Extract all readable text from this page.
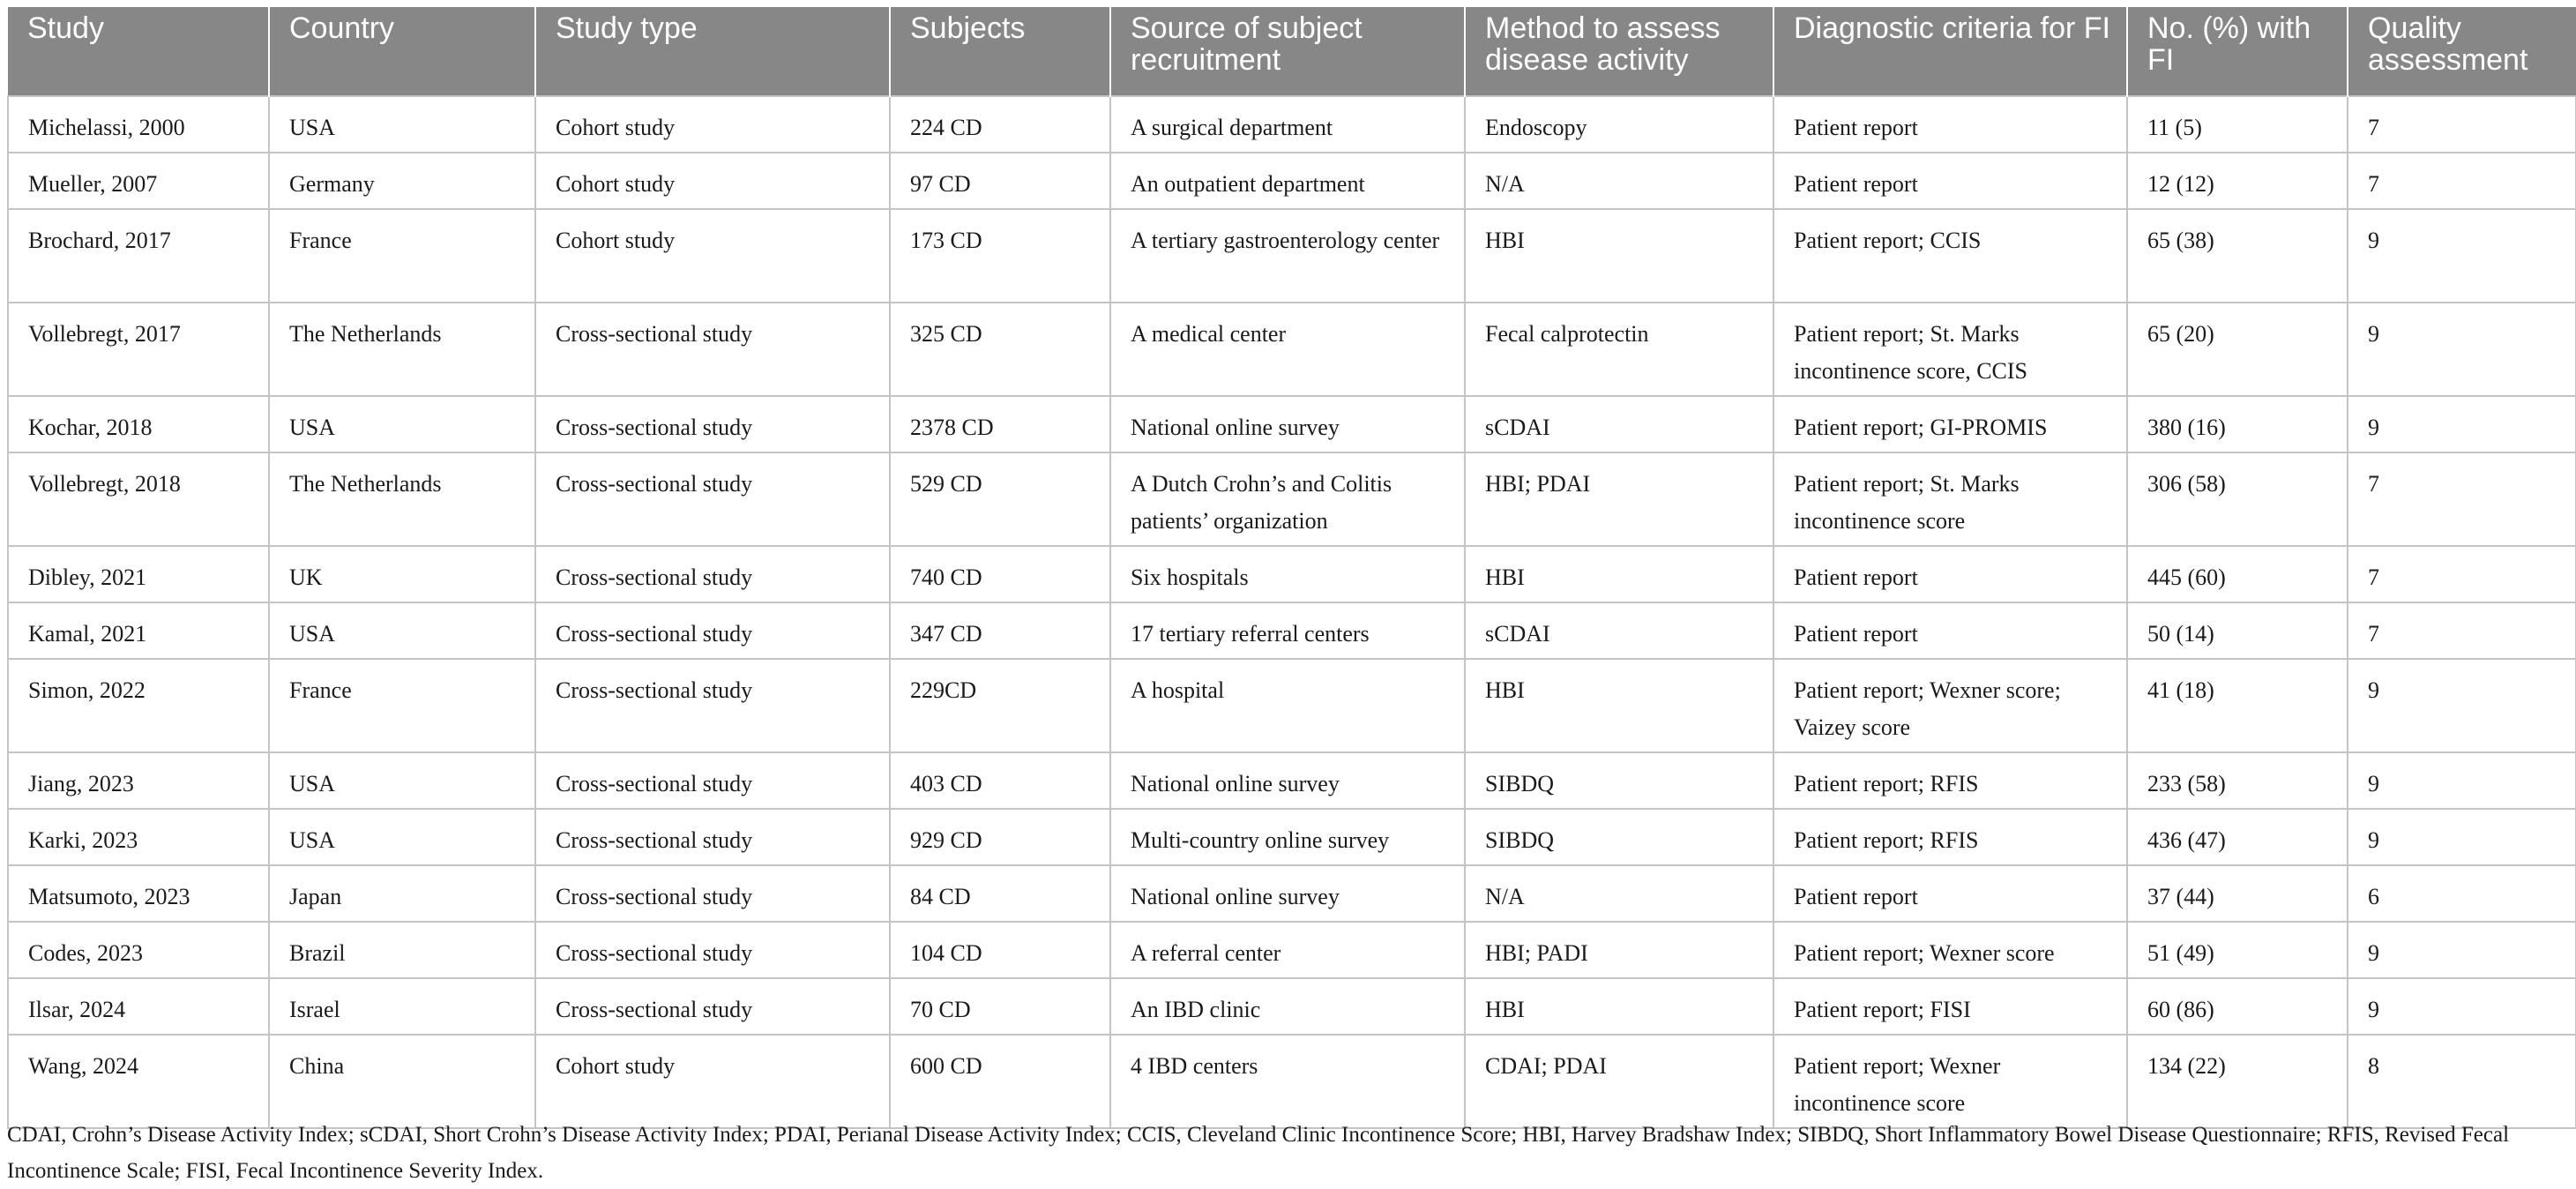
Study	Country	Study type	Subjects	Source of subject recruitment	Method to assess disease activity	Diagnostic criteria for FI	No. (%) with FI	Quality assessment
Michelassi, 2000	USA	Cohort study	224 CD	A surgical department	Endoscopy	Patient report	11 (5)	7
Mueller, 2007	Germany	Cohort study	97 CD	An outpatient department	N/A	Patient report	12 (12)	7
Brochard, 2017	France	Cohort study	173 CD	A tertiary gastroenterology center	HBI	Patient report; CCIS	65 (38)	9
Vollebregt, 2017	The Netherlands	Cross-sectional study	325 CD	A medical center	Fecal calprotectin	Patient report; St. Marks incontinence score, CCIS	65 (20)	9
Kochar, 2018	USA	Cross-sectional study	2378 CD	National online survey	sCDAI	Patient report; GI-PROMIS	380 (16)	9
Vollebregt, 2018	The Netherlands	Cross-sectional study	529 CD	A Dutch Crohn’s and Colitis patients’ organization	HBI; PDAI	Patient report; St. Marks incontinence score	306 (58)	7
Dibley, 2021	UK	Cross-sectional study	740 CD	Six hospitals	HBI	Patient report	445 (60)	7
Kamal, 2021	USA	Cross-sectional study	347 CD	17 tertiary referral centers	sCDAI	Patient report	50 (14)	7
Simon, 2022	France	Cross-sectional study	229CD	A hospital	HBI	Patient report; Wexner score; Vaizey score	41 (18)	9
Jiang, 2023	USA	Cross-sectional study	403 CD	National online survey	SIBDQ	Patient report; RFIS	233 (58)	9
Karki, 2023	USA	Cross-sectional study	929 CD	Multi-country online survey	SIBDQ	Patient report; RFIS	436 (47)	9
Matsumoto, 2023	Japan	Cross-sectional study	84 CD	National online survey	N/A	Patient report	37 (44)	6
Codes, 2023	Brazil	Cross-sectional study	104 CD	A referral center	HBI; PADI	Patient report; Wexner score	51 (49)	9
Ilsar, 2024	Israel	Cross-sectional study	70 CD	An IBD clinic	HBI	Patient report; FISI	60 (86)	9
Wang, 2024	China	Cohort study	600 CD	4 IBD centers	CDAI; PDAI	Patient report; Wexner incontinence score	134 (22)	8
CDAI, Crohn’s Disease Activity Index; sCDAI, Short Crohn’s Disease Activity Index; PDAI, Perianal Disease Activity Index; CCIS, Cleveland Clinic Incontinence Score; HBI, Harvey Bradshaw Index; SIBDQ, Short Inflammatory Bowel Disease Questionnaire; RFIS, Revised Fecal Incontinence Scale; FISI, Fecal Incontinence Severity Index.
